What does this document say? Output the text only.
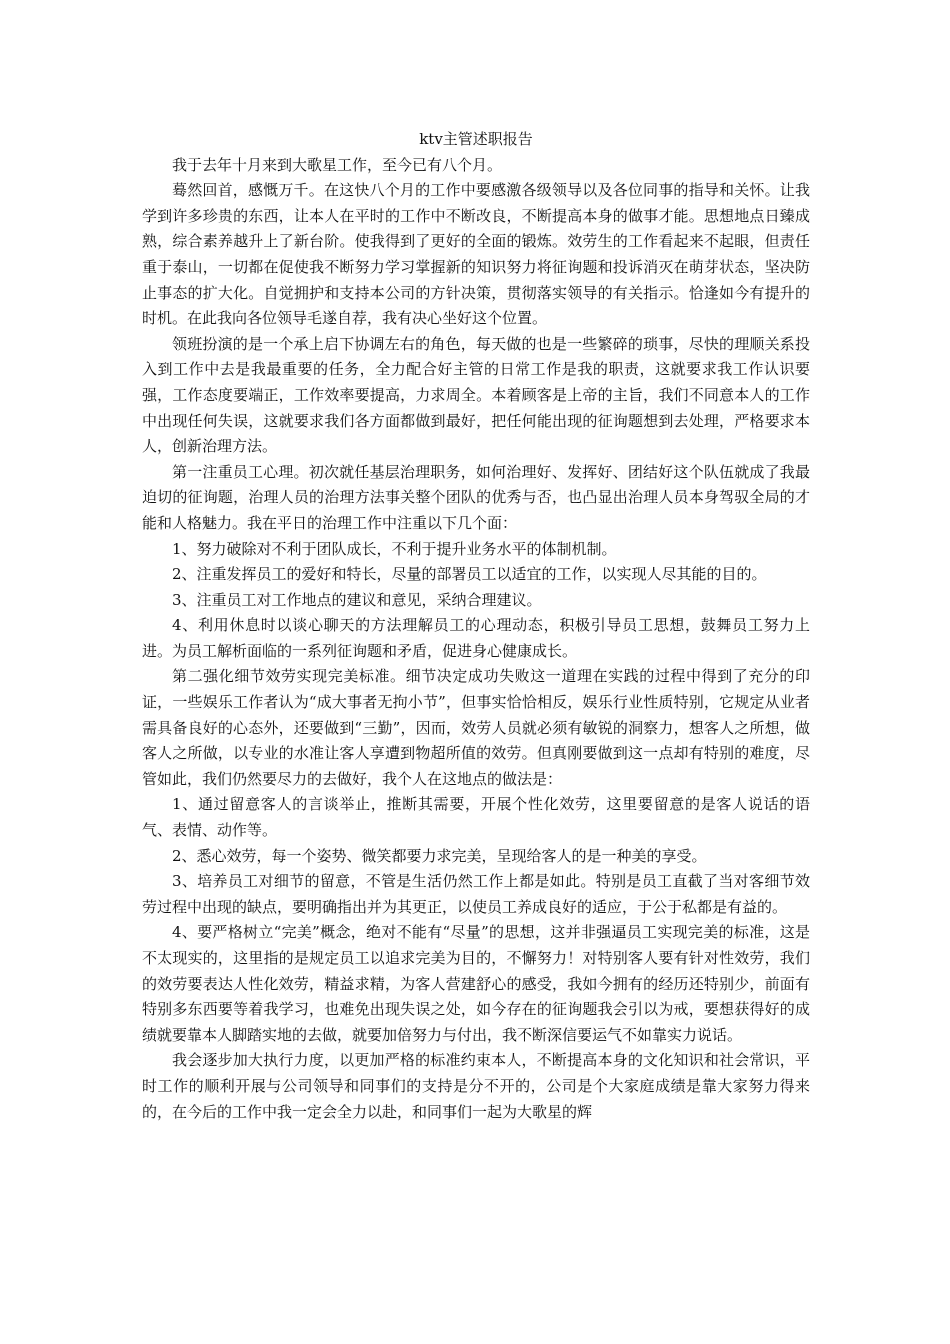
ktv主管述职报告

我于去年十月来到大歌星工作，至今已有八个月。

蓦然回首，感慨万千。在这快八个月的工作中要感激各级领导以及各位同事的指导和关怀。让我学到许多珍贵的东西，让本人在平时的工作中不断改良，不断提高本身的做事才能。思想地点日臻成熟，综合素养越升上了新台阶。使我得到了更好的全面的锻炼。效劳生的工作看起来不起眼，但责任重于泰山，一切都在促使我不断努力学习掌握新的知识努力将征询题和投诉消灭在萌芽状态，坚决防止事态的扩大化。自觉拥护和支持本公司的方针决策，贯彻落实领导的有关指示。恰逢如今有提升的时机。在此我向各位领导毛遂自荐，我有决心坐好这个位置。

领班扮演的是一个承上启下协调左右的角色，每天做的也是一些繁碎的琐事，尽快的理顺关系投入到工作中去是我最重要的任务，全力配合好主管的日常工作是我的职责，这就要求我工作认识要强，工作态度要端正，工作效率要提高，力求周全。本着顾客是上帝的主旨，我们不同意本人的工作中出现任何失误，这就要求我们各方面都做到最好，把任何能出现的征询题想到去处理，严格要求本人，创新治理方法。

第一注重员工心理。初次就任基层治理职务，如何治理好、发挥好、团结好这个队伍就成了我最迫切的征询题，治理人员的治理方法事关整个团队的优秀与否，也凸显出治理人员本身驾驭全局的才能和人格魅力。我在平日的治理工作中注重以下几个面：

1、努力破除对不利于团队成长，不利于提升业务水平的体制机制。

2、注重发挥员工的爱好和特长，尽量的部署员工以适宜的工作，以实现人尽其能的目的。

3、注重员工对工作地点的建议和意见，采纳合理建议。

4、利用休息时以谈心聊天的方法理解员工的心理动态，积极引导员工思想，鼓舞员工努力上进。为员工解析面临的一系列征询题和矛盾，促进身心健康成长。

第二强化细节效劳实现完美标准。细节决定成功失败这一道理在实践的过程中得到了充分的印证，一些娱乐工作者认为“成大事者无拘小节”，但事实恰恰相反，娱乐行业性质特别，它规定从业者需具备良好的心态外，还要做到“三勤”，因而，效劳人员就必须有敏锐的洞察力，想客人之所想，做客人之所做，以专业的水准让客人享遭到物超所值的效劳。但真刚要做到这一点却有特别的难度，尽管如此，我们仍然要尽力的去做好，我个人在这地点的做法是：

1、通过留意客人的言谈举止，推断其需要，开展个性化效劳，这里要留意的是客人说话的语气、表情、动作等。

2、悉心效劳，每一个姿势、微笑都要力求完美，呈现给客人的是一种美的享受。

3、培养员工对细节的留意，不管是生活仍然工作上都是如此。特别是员工直截了当对客细节效劳过程中出现的缺点，要明确指出并为其更正，以使员工养成良好的适应，于公于私都是有益的。

4、要严格树立“完美”概念，绝对不能有“尽量”的思想，这并非强逼员工实现完美的标准，这是不太现实的，这里指的是规定员工以追求完美为目的，不懈努力！对特别客人要有针对性效劳，我们的效劳要表达人性化效劳，精益求精，为客人营建舒心的感受，我如今拥有的经历还特别少，前面有特别多东西要等着我学习，也难免出现失误之处，如今存在的征询题我会引以为戒，要想获得好的成绩就要靠本人脚踏实地的去做，就要加倍努力与付出，我不断深信要运气不如靠实力说话。

我会逐步加大执行力度，以更加严格的标准约束本人，不断提高本身的文化知识和社会常识，平时工作的顺利开展与公司领导和同事们的支持是分不开的，公司是个大家庭成绩是靠大家努力得来的，在今后的工作中我一定会全力以赴，和同事们一起为大歌星的辉
